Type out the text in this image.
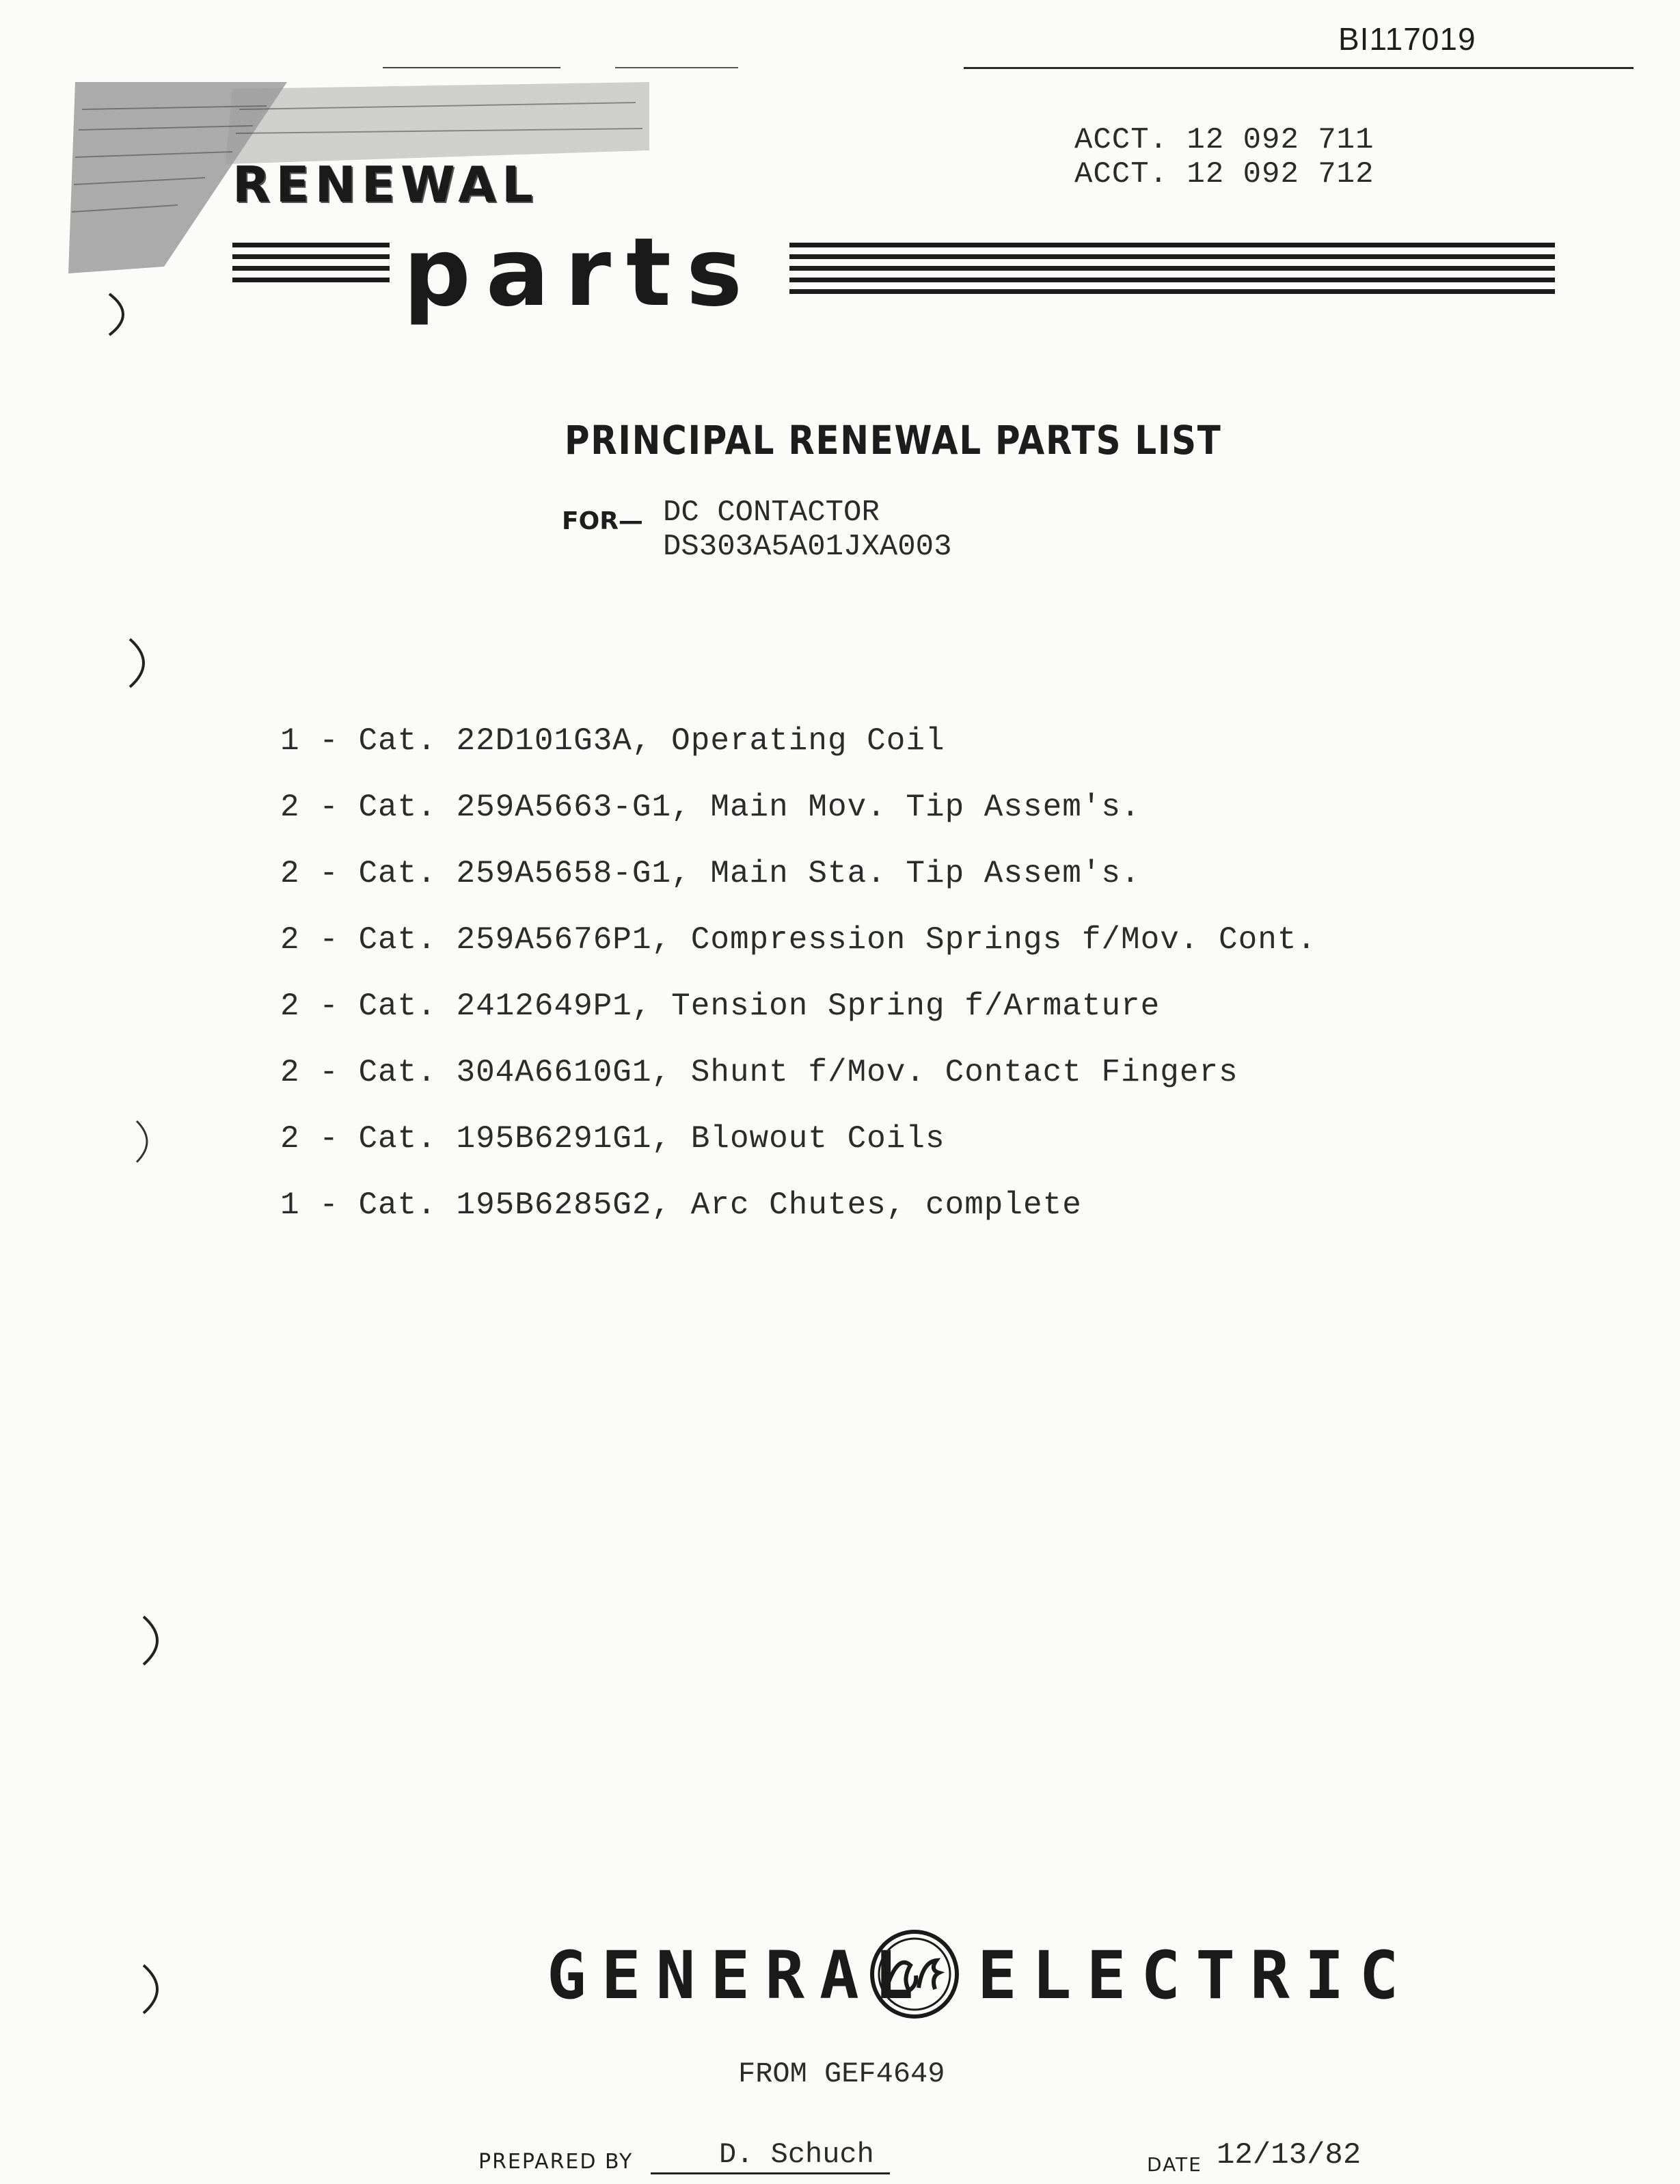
BI117019
ACCT. 12 092 711
ACCT. 12 092 712
RENEWAL
parts
PRINCIPAL RENEWAL PARTS LIST
FOR— DC CONTACTOR
DS303A5A01JXA003
1 - Cat. 22D101G3A, Operating Coil
2 - Cat. 259A5663-G1, Main Mov. Tip Assem's.
2 - Cat. 259A5658-G1, Main Sta. Tip Assem's.
2 - Cat. 259A5676P1, Compression Springs f/Mov. Cont.
2 - Cat. 2412649P1, Tension Spring f/Armature
2 - Cat. 304A6610G1, Shunt f/Mov. Contact Fingers
2 - Cat. 195B6291G1, Blowout Coils
1 - Cat. 195B6285G2, Arc Chutes, complete
GENERAL ELECTRIC
FROM GEF4649
PREPARED BY	D. Schuch	DATE 12/13/82
